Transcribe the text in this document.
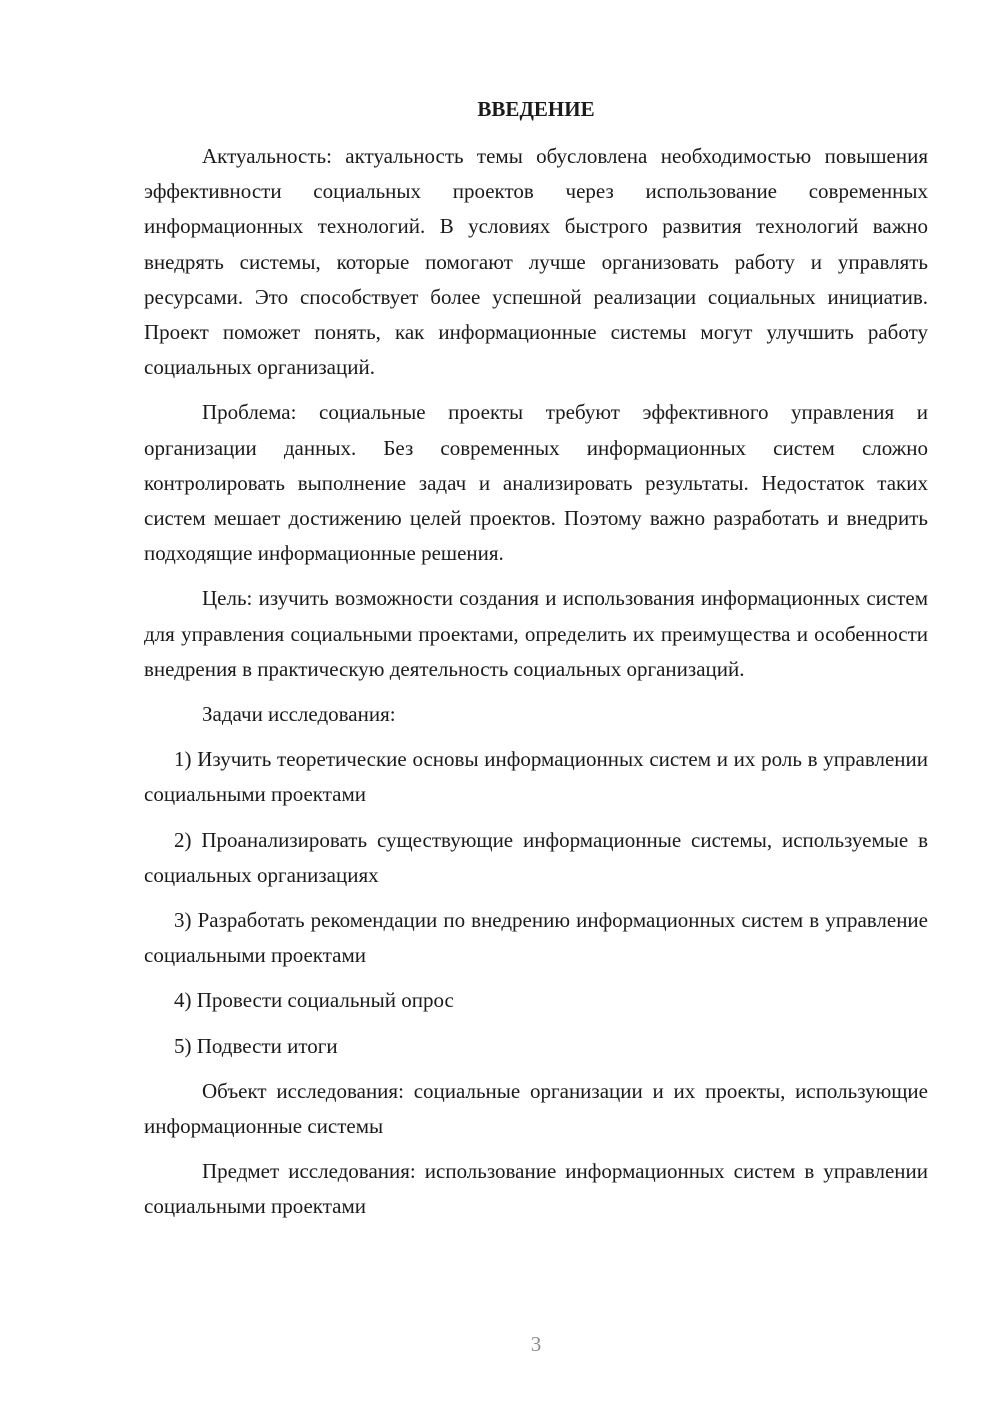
ВВЕДЕНИЕ

Актуальность: актуальность темы обусловлена необходимостью повышения эффективности социальных проектов через использование современных информационных технологий. В условиях быстрого развития технологий важно внедрять системы, которые помогают лучше организовать работу и управлять ресурсами. Это способствует более успешной реализации социальных инициатив. Проект поможет понять, как информационные системы могут улучшить работу социальных организаций.

Проблема: социальные проекты требуют эффективного управления и организации данных. Без современных информационных систем сложно контролировать выполнение задач и анализировать результаты. Недостаток таких систем мешает достижению целей проектов. Поэтому важно разработать и внедрить подходящие информационные решения.

Цель: изучить возможности создания и использования информационных систем для управления социальными проектами, определить их преимущества и особенности внедрения в практическую деятельность социальных организаций.

Задачи исследования:

1) Изучить теоретические основы информационных систем и их роль в управлении социальными проектами

2) Проанализировать существующие информационные системы, используемые в социальных организациях

3) Разработать рекомендации по внедрению информационных систем в управление социальными проектами

4) Провести социальный опрос

5) Подвести итоги

Объект исследования: социальные организации и их проекты, использующие информационные системы

Предмет исследования: использование информационных систем в управлении социальными проектами

3
